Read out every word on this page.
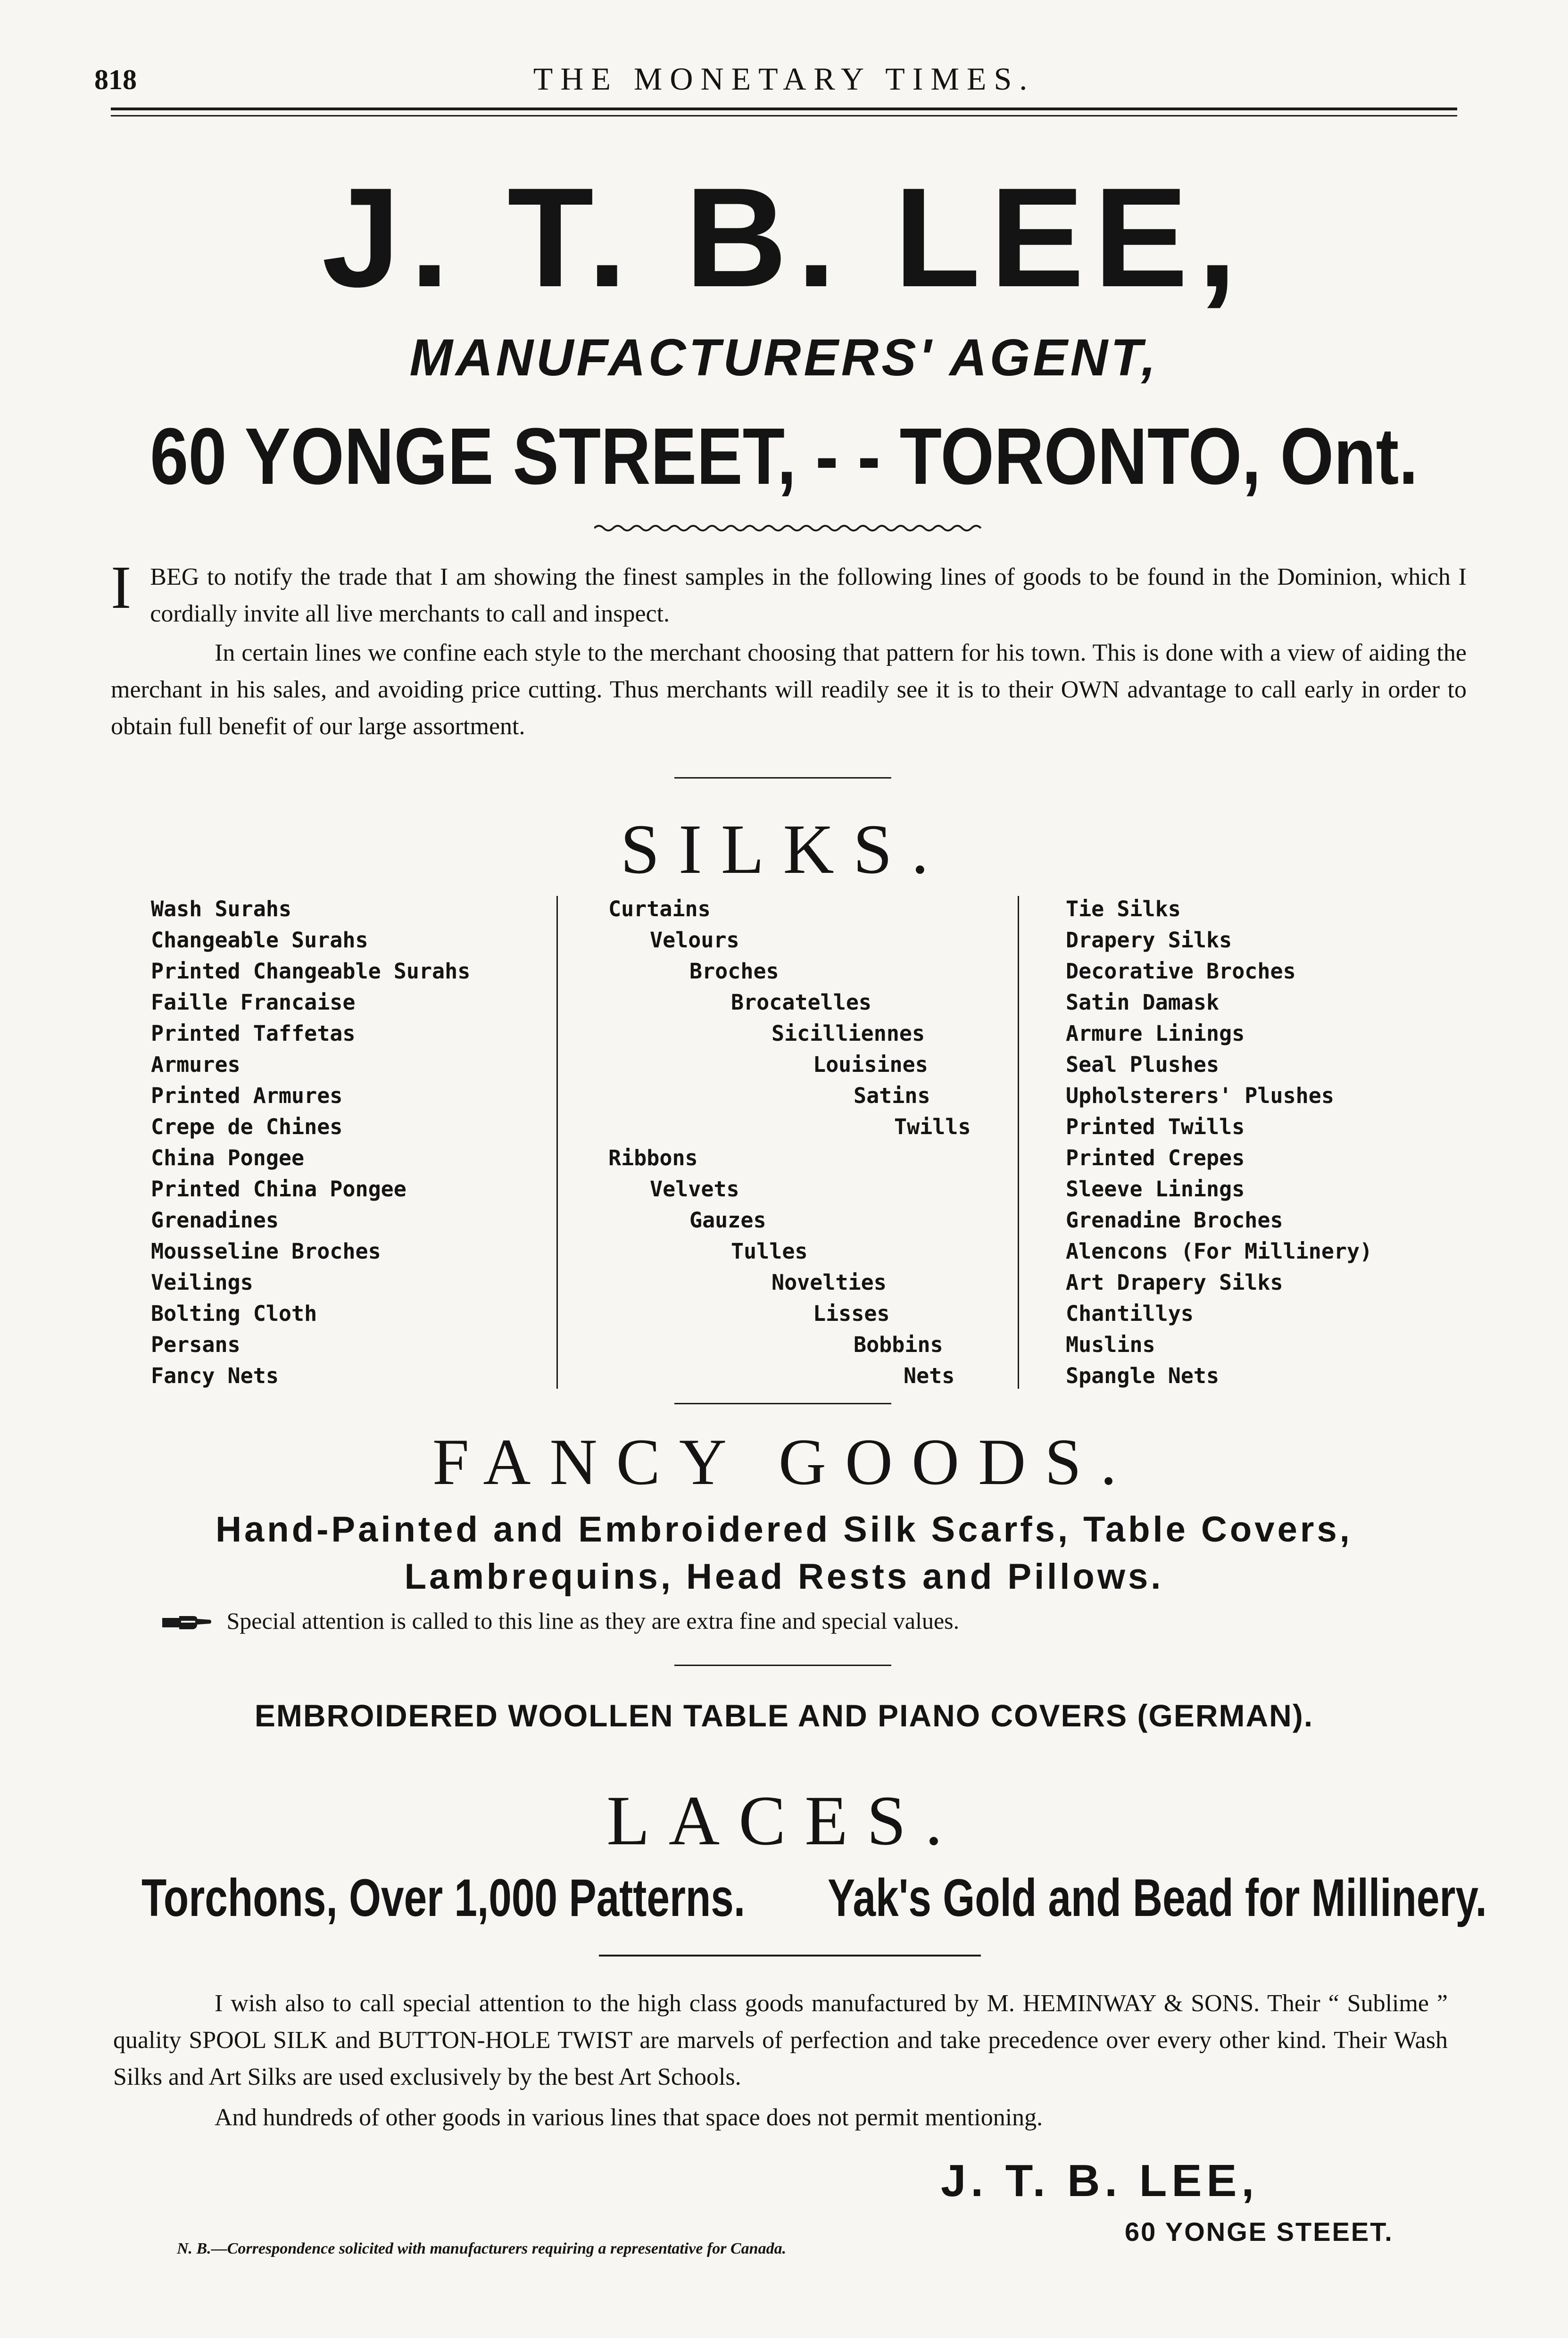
818	THE MONETARY TIMES.
J. T. B. LEE,
MANUFACTURERS' AGENT,
60 YONGE STREET, - - TORONTO, Ont.
I BEG to notify the trade that I am showing the finest samples in the following lines of goods to be found in the Dominion, which I cordially invite all live merchants to call and inspect.
In certain lines we confine each style to the merchant choosing that pattern for his town. This is done with a view of aiding the merchant in his sales, and avoiding price cutting. Thus merchants will readily see it is to their OWN advantage to call early in order to obtain full benefit of our large assortment.
SILKS.
Wash Surahs
Changeable Surahs
Printed Changeable Surahs
Faille Francaise
Printed Taffetas
Armures
Printed Armures
Crepe de Chines
China Pongee
Printed China Pongee
Grenadines
Mousseline Broches
Veilings
Bolting Cloth
Persans
Fancy Nets
Curtains
Velours
Broches
Brocatelles
Sicilliennes
Louisines
Satins
Twills
Ribbons
Velvets
Gauzes
Tulles
Novelties
Lisses
Bobbins
Nets
Tie Silks
Drapery Silks
Decorative Broches
Satin Damask
Armure Linings
Seal Plushes
Upholsterers' Plushes
Printed Twills
Printed Crepes
Sleeve Linings
Grenadine Broches
Alencons (For Millinery)
Art Drapery Silks
Chantillys
Muslins
Spangle Nets
FANCY GOODS.
Hand-Painted and Embroidered Silk Scarfs, Table Covers,
Lambrequins, Head Rests and Pillows.
Special attention is called to this line as they are extra fine and special values.
EMBROIDERED WOOLLEN TABLE AND PIANO COVERS (GERMAN).
LACES.
Torchons, Over 1,000 Patterns. Yak's Gold and Bead for Millinery.
I wish also to call special attention to the high class goods manufactured by M. HEMINWAY & SONS. Their “ Sublime ” quality SPOOL SILK and BUTTON-HOLE TWIST are marvels of perfection and take precedence over every other kind. Their Wash Silks and Art Silks are used exclusively by the best Art Schools.
And hundreds of other goods in various lines that space does not permit mentioning.
J. T. B. LEE,
60 YONGE STEEET.
N. B.—Correspondence solicited with manufacturers requiring a representative for Canada.
